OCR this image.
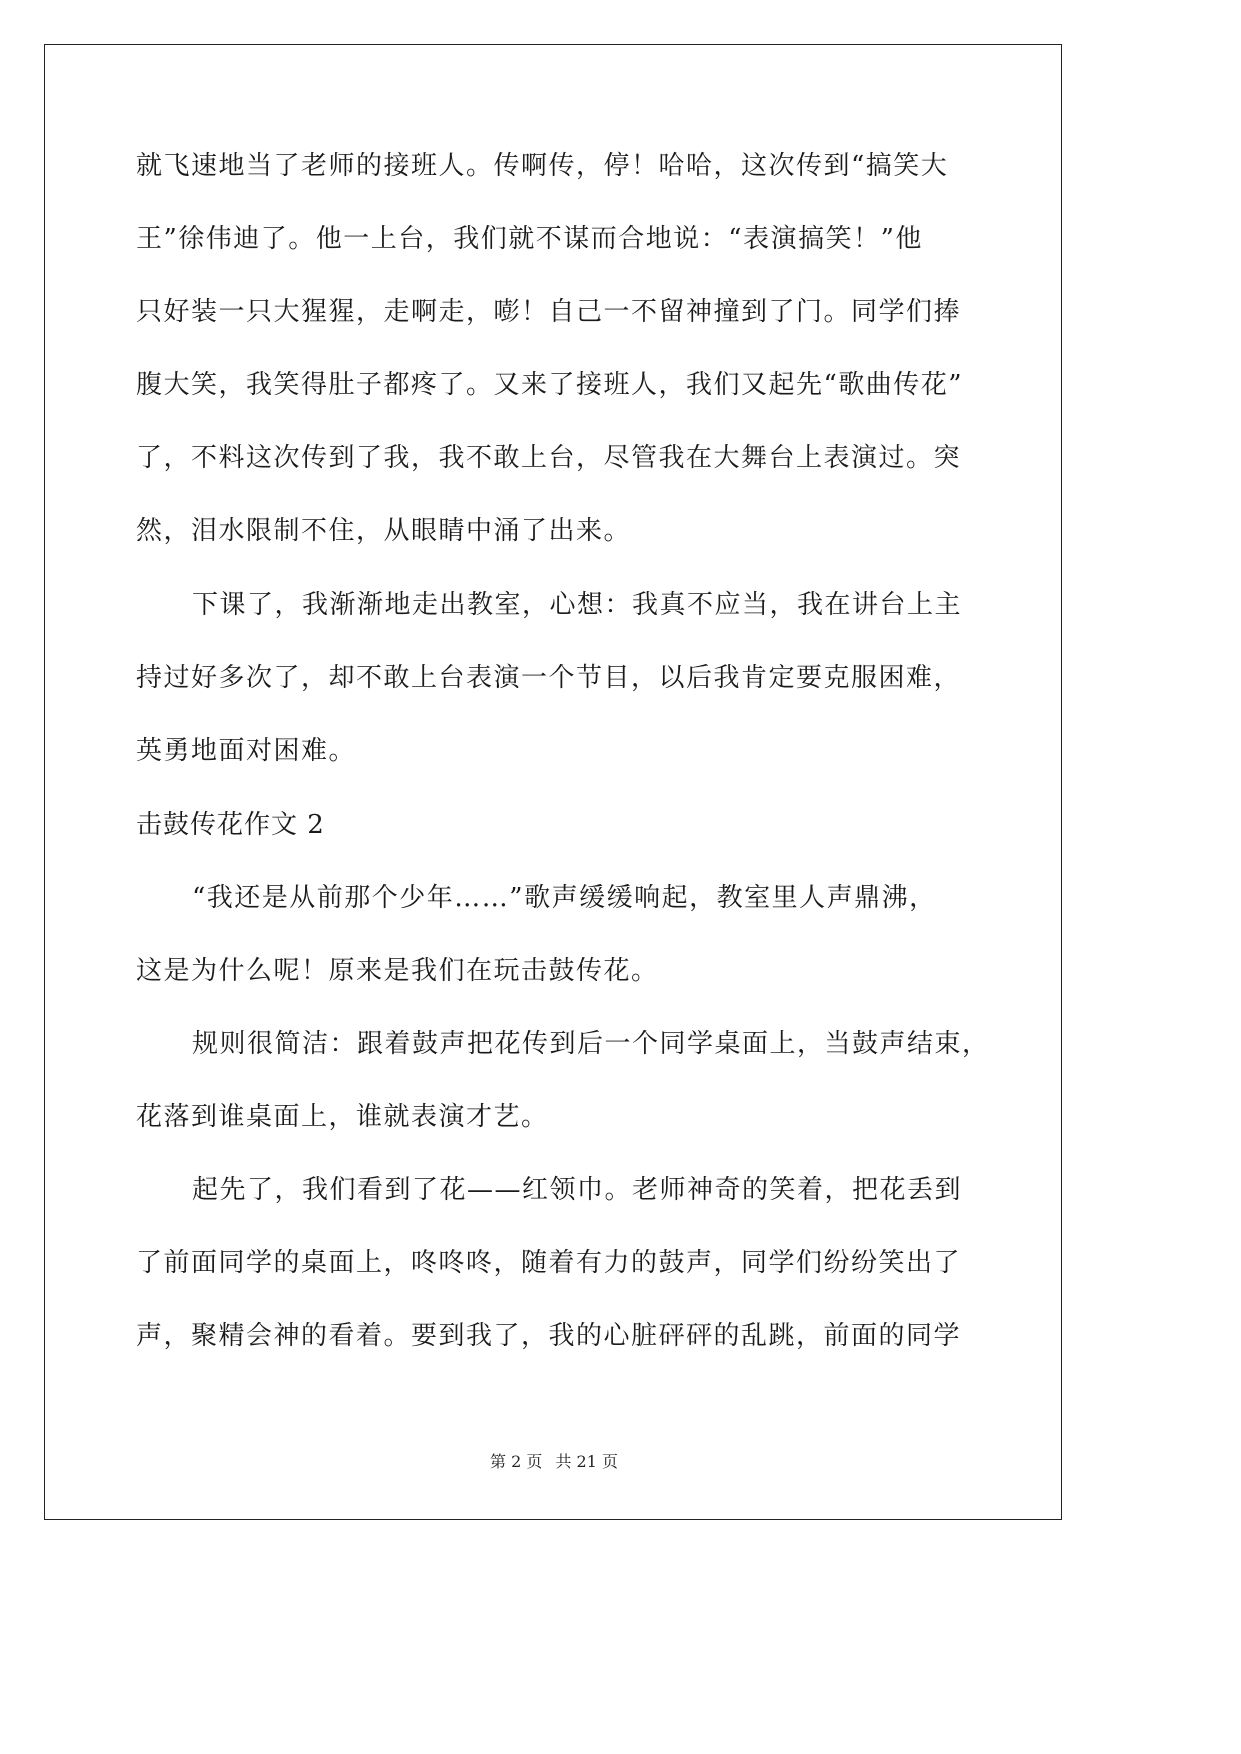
就飞速地当了老师的接班人。传啊传，停！哈哈，这次传到“搞笑大
王”徐伟迪了。他一上台，我们就不谋而合地说：“表演搞笑！”他
只好装一只大猩猩，走啊走，嘭！自己一不留神撞到了门。同学们捧
腹大笑，我笑得肚子都疼了。又来了接班人，我们又起先“歌曲传花”
了，不料这次传到了我，我不敢上台，尽管我在大舞台上表演过。突
然，泪水限制不住，从眼睛中涌了出来。
下课了，我渐渐地走出教室，心想：我真不应当，我在讲台上主
持过好多次了，却不敢上台表演一个节目，以后我肯定要克服困难，
英勇地面对困难。
击鼓传花作文 2
“我还是从前那个少年……”歌声缓缓响起，教室里人声鼎沸，
这是为什么呢！原来是我们在玩击鼓传花。
规则很简洁：跟着鼓声把花传到后一个同学桌面上，当鼓声结束，
花落到谁桌面上，谁就表演才艺。
起先了，我们看到了花——红领巾。老师神奇的笑着，把花丢到
了前面同学的桌面上，咚咚咚，随着有力的鼓声，同学们纷纷笑出了
声，聚精会神的看着。要到我了，我的心脏砰砰的乱跳，前面的同学
第 2 页 共 21 页
